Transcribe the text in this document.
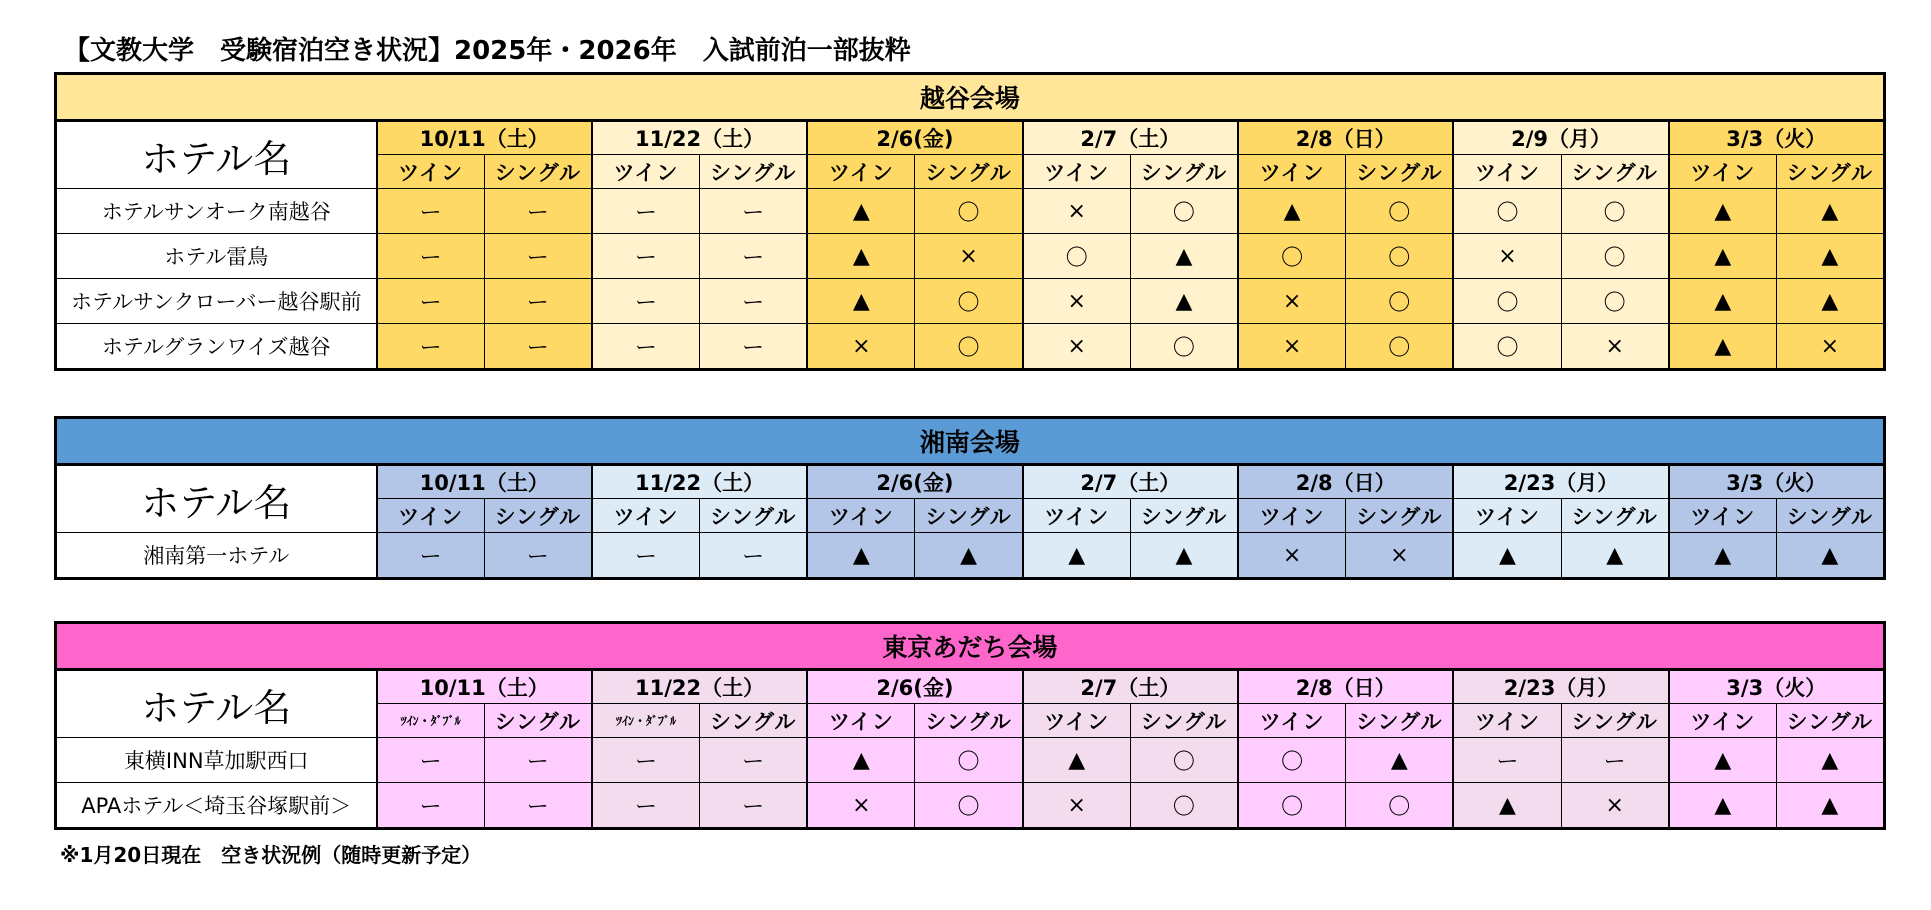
【文教大学　受験宿泊空き状況】2025年・2026年　入試前泊一部抜粋
越谷会場														
ホテル名	10/11（土）		11/22（土）		2/6(金)		2/7（土）		2/8（日）		2/9（月）		3/3（火）	
	ツイン	シングル	ツイン	シングル	ツイン	シングル	ツイン	シングル	ツイン	シングル	ツイン	シングル	ツイン	シングル
ホテルサンオーク南越谷	ー	ー	ー	ー	▲	〇	×	〇	▲	〇	〇	〇	▲	▲
ホテル雷鳥	ー	ー	ー	ー	▲	×	〇	▲	〇	〇	×	〇	▲	▲
ホテルサンクローバー越谷駅前	ー	ー	ー	ー	▲	〇	×	▲	×	〇	〇	〇	▲	▲
ホテルグランワイズ越谷	ー	ー	ー	ー	×	〇	×	〇	×	〇	〇	×	▲	×
湘南会場														
ホテル名	10/11（土）		11/22（土）		2/6(金)		2/7（土）		2/8（日）		2/23（月）		3/3（火）	
	ツイン	シングル	ツイン	シングル	ツイン	シングル	ツイン	シングル	ツイン	シングル	ツイン	シングル	ツイン	シングル
湘南第一ホテル	ー	ー	ー	ー	▲	▲	▲	▲	×	×	▲	▲	▲	▲
東京あだち会場														
ホテル名	10/11（土）		11/22（土）		2/6(金)		2/7（土）		2/8（日）		2/23（月）		3/3（火）	
	ﾂｲﾝ・ﾀﾞﾌﾞﾙ	シングル	ﾂｲﾝ・ﾀﾞﾌﾞﾙ	シングル	ツイン	シングル	ツイン	シングル	ツイン	シングル	ツイン	シングル	ツイン	シングル
東横INN草加駅西口	ー	ー	ー	ー	▲	〇	▲	〇	〇	▲	ー	ー	▲	▲
APAホテル＜埼玉谷塚駅前＞	ー	ー	ー	ー	×	〇	×	〇	〇	〇	▲	×	▲	▲
※1月20日現在　空き状況例（随時更新予定）
